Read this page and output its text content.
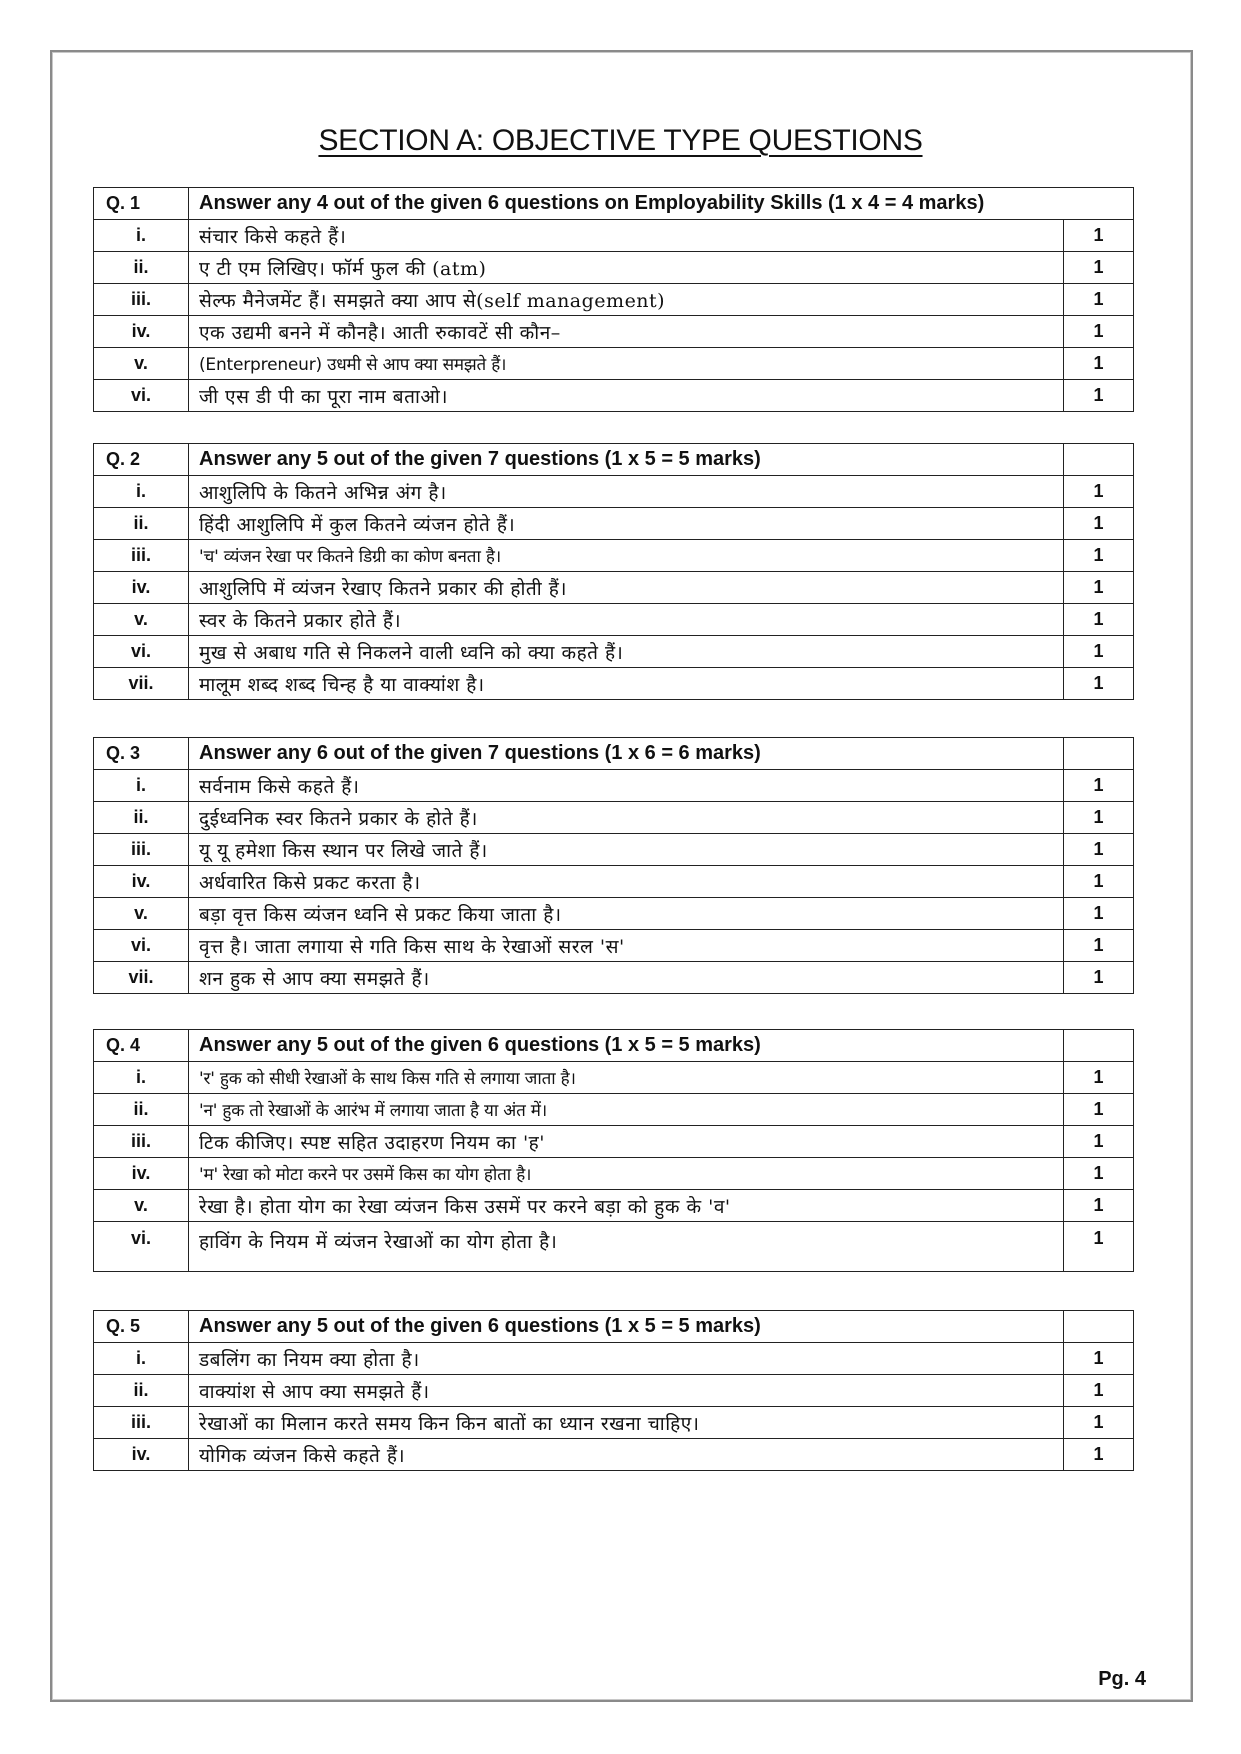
SECTION A: OBJECTIVE TYPE QUESTIONS
Q. 1	Answer any 4 out of the given 6 questions on Employability Skills (1 x 4 = 4 marks)	
i.	संचार किसे कहते हैं।	1
ii.	ए टी एम लिखिए। फॉर्म फुल की (atm)	1
iii.	सेल्फ मैनेजमेंट हैं। समझते क्या आप से(self management)	1
iv.	एक उद्यमी बनने में कौनहै। आती रुकावटें सी कौन–	1
v.	(Enterpreneur) उधमी से आप क्या समझते हैं।	1
vi.	जी एस डी पी का पूरा नाम बताओ।	1
Q. 2	Answer any 5 out of the given 7 questions (1 x 5 = 5 marks)	
i.	आशुलिपि के कितने अभिन्न अंग है।	1
ii.	हिंदी आशुलिपि में कुल कितने व्यंजन होते हैं।	1
iii.	'च' व्यंजन रेखा पर कितने डिग्री का कोण बनता है।	1
iv.	आशुलिपि में व्यंजन रेखाए कितने प्रकार की होती हैं।	1
v.	स्वर के कितने प्रकार होते हैं।	1
vi.	मुख से अबाध गति से निकलने वाली ध्वनि को क्या कहते हैं।	1
vii.	मालूम शब्द शब्द चिन्ह है या वाक्यांश है।	1
Q. 3	Answer any 6 out of the given 7 questions (1 x 6 = 6 marks)	
i.	सर्वनाम किसे कहते हैं।	1
ii.	दुईध्वनिक स्वर कितने प्रकार के होते हैं।	1
iii.	यू यू हमेशा किस स्थान पर लिखे जाते हैं।	1
iv.	अर्धवारित किसे प्रकट करता है।	1
v.	बड़ा वृत्त किस व्यंजन ध्वनि से प्रकट किया जाता है।	1
vi.	वृत्त है। जाता लगाया से गति किस साथ के रेखाओं सरल 'स'	1
vii.	शन हुक से आप क्या समझते हैं।	1
Q. 4	Answer any 5 out of the given 6 questions (1 x 5 = 5 marks)	
i.	'र' हुक को सीधी रेखाओं के साथ किस गति से लगाया जाता है।	1
ii.	'न' हुक तो रेखाओं के आरंभ में लगाया जाता है या अंत में।	1
iii.	टिक कीजिए। स्पष्ट सहित उदाहरण नियम का 'ह'	1
iv.	'म' रेखा को मोटा करने पर उसमें किस का योग होता है।	1
v.	रेखा है। होता योग का रेखा व्यंजन किस उसमें पर करने बड़ा को हुक के 'व'	1
vi.	हाविंग के नियम में व्यंजन रेखाओं का योग होता है।	1
Q. 5	Answer any 5 out of the given 6 questions (1 x 5 = 5 marks)	
i.	डबलिंग का नियम क्या होता है।	1
ii.	वाक्यांश से आप क्या समझते हैं।	1
iii.	रेखाओं का मिलान करते समय किन किन बातों का ध्यान रखना चाहिए।	1
iv.	योगिक व्यंजन किसे कहते हैं।	1
Pg. 4
